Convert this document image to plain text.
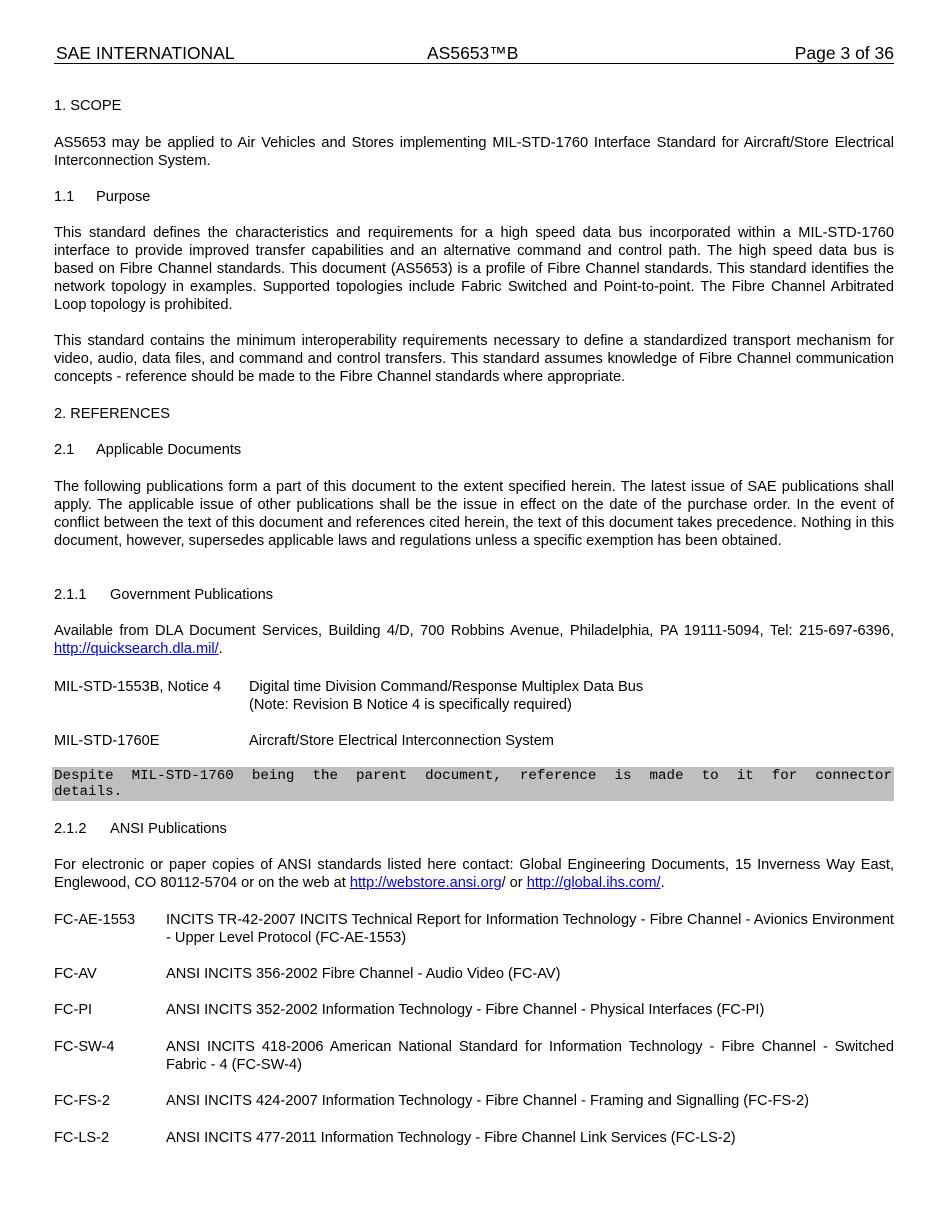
SAE INTERNATIONAL	AS5653™B	Page 3 of 36
1. SCOPE
AS5653 may be applied to Air Vehicles and Stores implementing MIL-STD-1760 Interface Standard for Aircraft/Store Electrical Interconnection System.
1.1 Purpose
This standard defines the characteristics and requirements for a high speed data bus incorporated within a MIL-STD-1760 interface to provide improved transfer capabilities and an alternative command and control path. The high speed data bus is based on Fibre Channel standards. This document (AS5653) is a profile of Fibre Channel standards. This standard identifies the network topology in examples. Supported topologies include Fabric Switched and Point-to-point. The Fibre Channel Arbitrated Loop topology is prohibited.
This standard contains the minimum interoperability requirements necessary to define a standardized transport mechanism for video, audio, data files, and command and control transfers. This standard assumes knowledge of Fibre Channel communication concepts - reference should be made to the Fibre Channel standards where appropriate.
2. REFERENCES
2.1 Applicable Documents
The following publications form a part of this document to the extent specified herein. The latest issue of SAE publications shall apply. The applicable issue of other publications shall be the issue in effect on the date of the purchase order. In the event of conflict between the text of this document and references cited herein, the text of this document takes precedence. Nothing in this document, however, supersedes applicable laws and regulations unless a specific exemption has been obtained.
2.1.1 Government Publications
Available from DLA Document Services, Building 4/D, 700 Robbins Avenue, Philadelphia, PA 19111-5094, Tel: 215-697-6396, http://quicksearch.dla.mil/.
MIL-STD-1553B, Notice 4 Digital time Division Command/Response Multiplex Data Bus
(Note: Revision B Notice 4 is specifically required)
MIL-STD-1760E	Aircraft/Store Electrical Interconnection System
Despite MIL-STD-1760 being the parent document, reference is made to it for connector
details.
2.1.2 ANSI Publications
For electronic or paper copies of ANSI standards listed here contact: Global Engineering Documents, 15 Inverness Way East, Englewood, CO 80112-5704 or on the web at http://webstore.ansi.org/ or http://global.ihs.com/.
FC-AE-1553 INCITS TR-42-2007 INCITS Technical Report for Information Technology - Fibre Channel - Avionics Environment - Upper Level Protocol (FC-AE-1553)
FC-AV	ANSI INCITS 356-2002 Fibre Channel - Audio Video (FC-AV)
FC-PI	ANSI INCITS 352-2002 Information Technology - Fibre Channel - Physical Interfaces (FC-PI)
FC-SW-4	ANSI INCITS 418-2006 American National Standard for Information Technology - Fibre Channel - Switched Fabric - 4 (FC-SW-4)
FC-FS-2	ANSI INCITS 424-2007 Information Technology - Fibre Channel - Framing and Signalling (FC-FS-2)
FC-LS-2	ANSI INCITS 477-2011 Information Technology - Fibre Channel Link Services (FC-LS-2)
